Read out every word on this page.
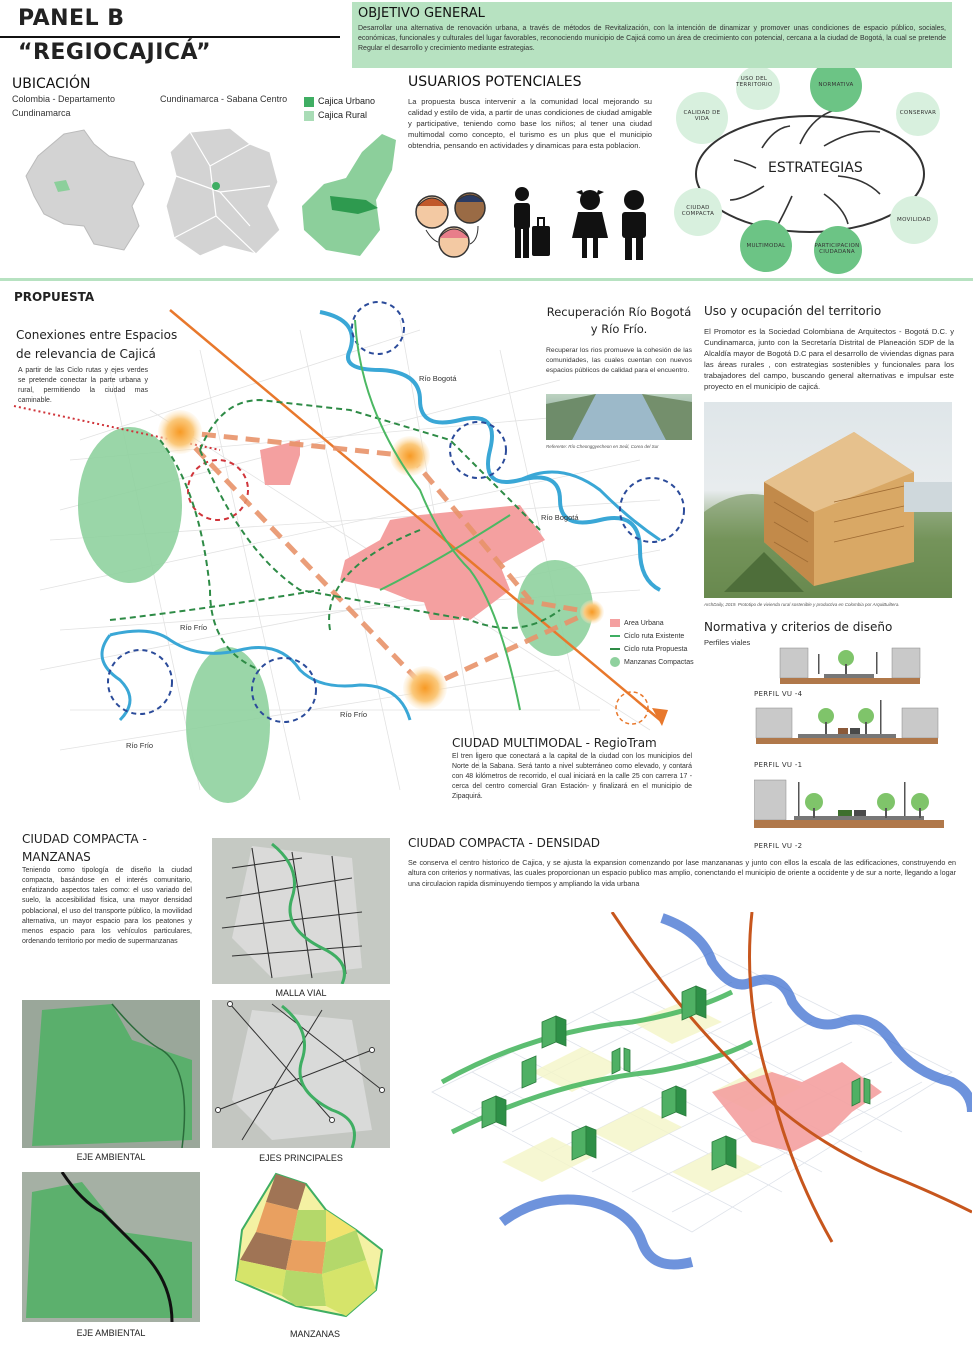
PANEL B
“REGIOCAJICÁ”
OBJETIVO GENERAL
Desarrollar una alternativa de renovación urbana, a través de métodos de Revitalización, con la intención de dinamizar y promover unas condiciones de espacio público, sociales, económicas, funcionales y culturales del lugar favorables, reconociendo municipio de Cajicá como un área de crecimiento con potencial, cercana a la ciudad de Bogotá, la cual se pretende Regular el desarrollo y crecimiento mediante estrategias.
UBICACIÓN
Colombia - Departamento Cundinamarca
Cundinamarca - Sabana Centro	Cajica Urbano
Cajica Rural
USUARIOS POTENCIALES
La propuesta busca intervenir a la comunidad local mejorando su calidad y estilo de vida, a partir de unas condiciones de ciudad amigable y participative, teniendo como base los niños; al tener una ciudad multimodal como concepto, el turismo es un plus que el municipio obtendria, pensando en actividades y dinamicas para esta poblacion.
ESTRATEGIAS
USO DEL TERRITORIO	NORMATIVA
CONSERVAR
CALIDAD DE VIDA
CIUDAD COMPACTA
MULTIMODAL	PARTICIPACION CIUDADANA
MOVILIDAD
PROPUESTA
Conexiones entre Espacios de relevancia de Cajicá
A partir de las Ciclo rutas y ejes verdes se pretende conectar la parte urbana y rural, permitiendo la ciudad mas caminable.
Río Bogotá
Río Bogotá
Río Frío
Río Frío
Río Frío
Area Urbana
Ciclo ruta Existente
Ciclo ruta Propuesta
Manzanas Compactas
Recuperación Río Bogotá y Río Frío.
Recuperar los rios promueve la cohesión de las comunidades, las cuales cuentan con nuevos espacios públicos de calidad para el encuentro.
Referente: Río Cheonggyecheon en Seúl, Corea del Sur
Uso y ocupación del territorio
El Promotor es la Sociedad Colombiana de Arquitectos - Bogotá D.C. y Cundinamarca, junto con la Secretaría Distrital de Planeación SDP de la Alcaldía mayor de Bogotá D.C para el desarrollo de viviendas dignas para las áreas rurales , con estrategias sostenibles y funcionales para los trabajadores del campo, buscando general alternativas e impulsar este proyecto en el municipio de cajicá.
ArchDaily, 2019. Prototipo de vivienda rural sostenible y productiva en Colombia por ArquiBuiltera.
Normativa y criterios de diseño
Perfiles viales
PERFIL VU -4
PERFIL VU -1
PERFIL VU -2
CIUDAD MULTIMODAL - RegioTram
El tren ligero que conectará a la capital de la ciudad con los municipios del Norte de la Sabana. Será tanto a nivel subterráneo como elevado, y contará con 48 kilómetros de recorrido, el cual iniciará en la calle 25 con carrera 17 -cerca del centro comercial Gran Estación- y finalizará en el municipio de Zipaquirá.
CIUDAD COMPACTA - MANZANAS
Teniendo como tipología de diseño la ciudad compacta, basándose en el interés comunitario, enfatizando aspectos tales como: el uso variado del suelo, la accesibilidad física, una mayor densidad poblacional, el uso del transporte público, la movilidad alternativa, un mayor espacio para los peatones y menos espacio para los vehículos particulares, ordenando territorio por medio de supermanzanas
MALLA VIAL
EJE AMBIENTAL	EJES PRINCIPALES
EJE AMBIENTAL	MANZANAS
CIUDAD COMPACTA - DENSIDAD
Se conserva el centro historico de Cajica, y se ajusta la expansion comenzando por lase manzananas y junto con ellos la escala de las edificaciones, construyendo en altura con criterios y normativas, las cuales proporcionan un espacio publico mas amplio, conenctando el municipio de oriente a occidente y de sur a norte, llegando a logar una circulacion rapida disminuyendo tiempos y ampliando la vida urbana
